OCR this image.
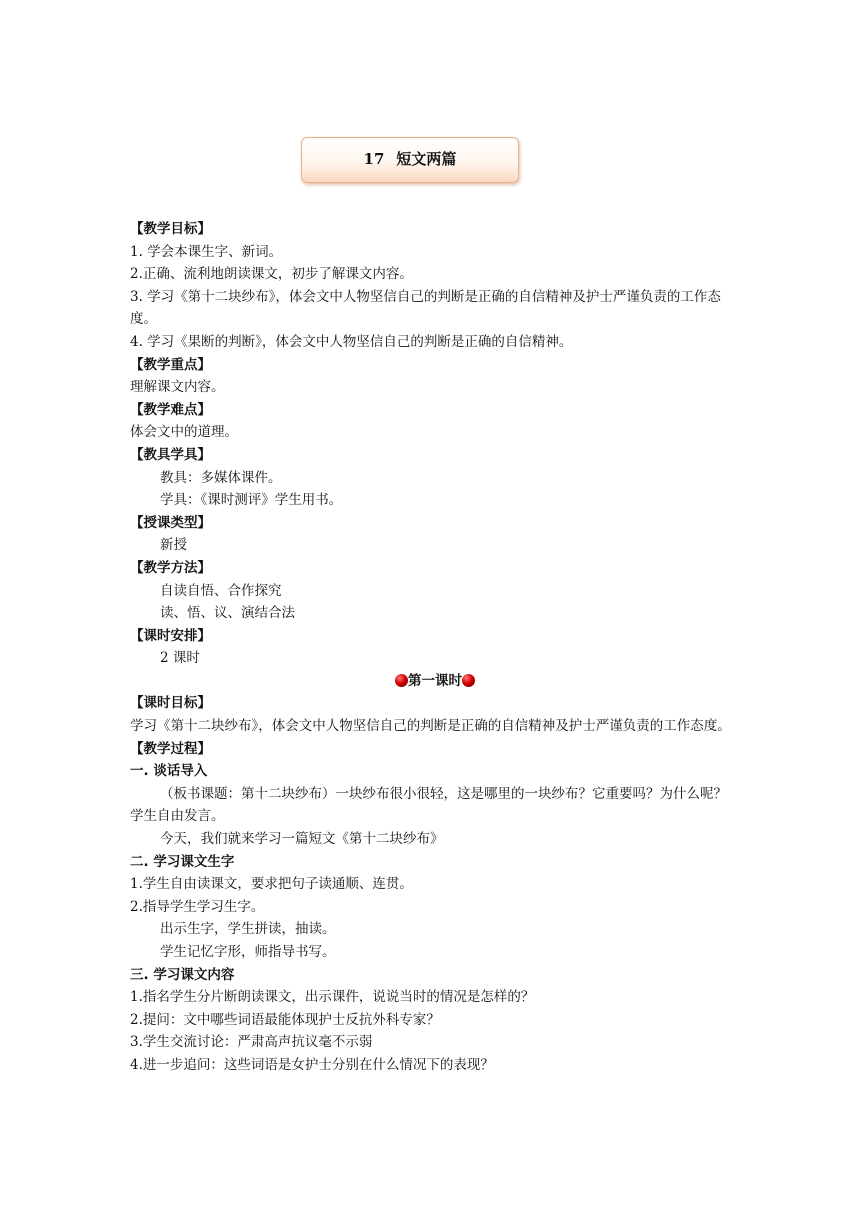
17 短文两篇
【教学目标】
1. 学会本课生字、新词。
2.正确、流利地朗读课文，初步了解课文内容。
3. 学习《第十二块纱布》，体会文中人物坚信自己的判断是正确的自信精神及护士严谨负责的工作态度。
4. 学习《果断的判断》，体会文中人物坚信自己的判断是正确的自信精神。
【教学重点】
理解课文内容。
【教学难点】
体会文中的道理。
【教具学具】
教具：多媒体课件。
学具：《课时测评》学生用书。
【授课类型】
新授
【教学方法】
自读自悟、合作探究
读、悟、议、演结合法
【课时安排】
2 课时
第一课时
【课时目标】
学习《第十二块纱布》，体会文中人物坚信自己的判断是正确的自信精神及护士严谨负责的工作态度。
【教学过程】
一. 谈话导入
（板书课题：第十二块纱布）一块纱布很小很轻，这是哪里的一块纱布？它重要吗？为什么呢？学生自由发言。
今天，我们就来学习一篇短文《第十二块纱布》
二. 学习课文生字
1.学生自由读课文，要求把句子读通顺、连贯。
2.指导学生学习生字。
出示生字，学生拼读，抽读。
学生记忆字形，师指导书写。
三. 学习课文内容
1.指名学生分片断朗读课文，出示课件，说说当时的情况是怎样的？
2.提问：文中哪些词语最能体现护士反抗外科专家？
3.学生交流讨论：严肃高声抗议毫不示弱
4.进一步追问：这些词语是女护士分别在什么情况下的表现？
